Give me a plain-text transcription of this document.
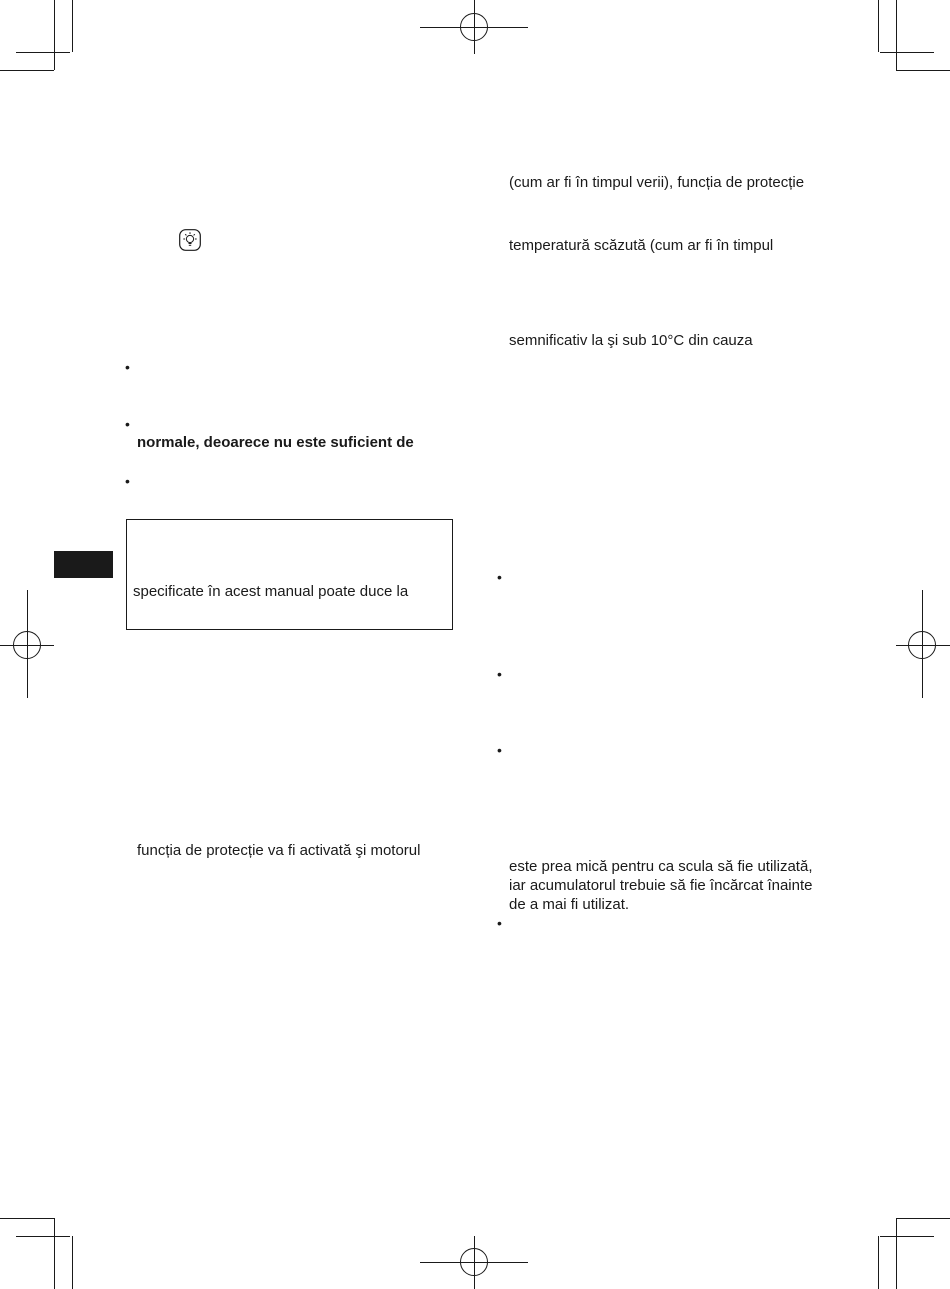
•
•
•
normale, deoarece nu este suficient de
specificate în acest manual poate duce la
funcția de protecție va fi activată şi motorul
(cum ar fi în timpul verii), funcția de protecție
temperatură scăzută (cum ar fi în timpul
semnificativ la şi sub 10°C din cauza
•
•
•
este prea mică pentru ca scula să fie utilizată,
iar acumulatorul trebuie să fie încărcat înainte
de a mai fi utilizat.
•
